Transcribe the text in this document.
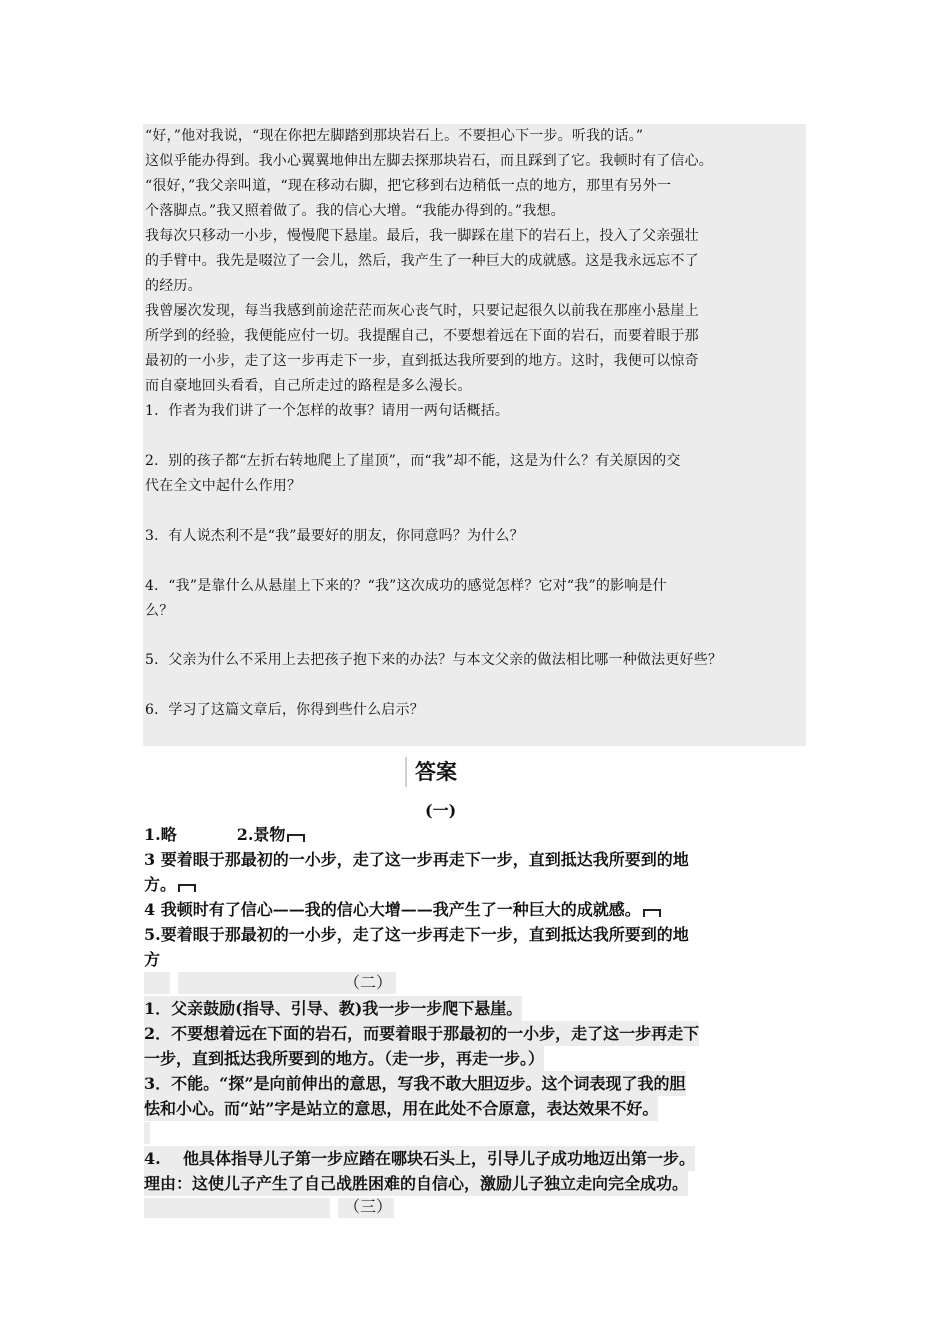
“好，”他对我说，“现在你把左脚踏到那块岩石上。不要担心下一步。听我的话。”

这似乎能办得到。我小心翼翼地伸出左脚去探那块岩石，而且踩到了它。我顿时有了信心。

“很好，”我父亲叫道，“现在移动右脚，把它移到右边稍低一点的地方，那里有另外一

个落脚点。”我又照着做了。我的信心大增。“我能办得到的。”我想。

我每次只移动一小步，慢慢爬下悬崖。最后，我一脚踩在崖下的岩石上，投入了父亲强壮

的手臂中。我先是啜泣了一会儿，然后，我产生了一种巨大的成就感。这是我永远忘不了

的经历。

我曾屡次发现，每当我感到前途茫茫而灰心丧气时，只要记起很久以前我在那座小悬崖上

所学到的经验，我便能应付一切。我提醒自己，不要想着远在下面的岩石，而要着眼于那

最初的一小步，走了这一步再走下一步，直到抵达我所要到的地方。这时，我便可以惊奇

而自豪地回头看看，自己所走过的路程是多么漫长。

1．作者为我们讲了一个怎样的故事？请用一两句话概括。

2．别的孩子都“左折右转地爬上了崖顶”，而“我”却不能，这是为什么？有关原因的交

代在全文中起什么作用？

3．有人说杰利不是“我”最要好的朋友，你同意吗？为什么？

4．“我”是靠什么从悬崖上下来的？“我”这次成功的感觉怎样？它对“我”的影响是什

么？

5．父亲为什么不采用上去把孩子抱下来的办法？与本文父亲的做法相比哪一种做法更好些？

6．学习了这篇文章后，你得到些什么启示？

答案
(一)

1.略	2.景物

3 要着眼于那最初的一小步，走了这一步再走下一步，直到抵达我所要到的地

方。

4 我顿时有了信心——我的信心大增——我产生了一种巨大的成就感。

5.要着眼于那最初的一小步，走了这一步再走下一步，直到抵达我所要到的地

方

（二）

1．父亲鼓励(指导、引导、教)我一步一步爬下悬崖。

2．不要想着远在下面的岩石，而要着眼于那最初的一小步，走了这一步再走下

一步，直到抵达我所要到的地方。（走一步，再走一步。）

3．不能。“探”是向前伸出的意思，写我不敢大胆迈步。这个词表现了我的胆

怯和小心。而“站”字是站立的意思，用在此处不合原意，表达效果不好。

4.    他具体指导儿子第一步应踏在哪块石头上，引导儿子成功地迈出第一步。

理由：这使儿子产生了自己战胜困难的自信心，激励儿子独立走向完全成功。

（三）
